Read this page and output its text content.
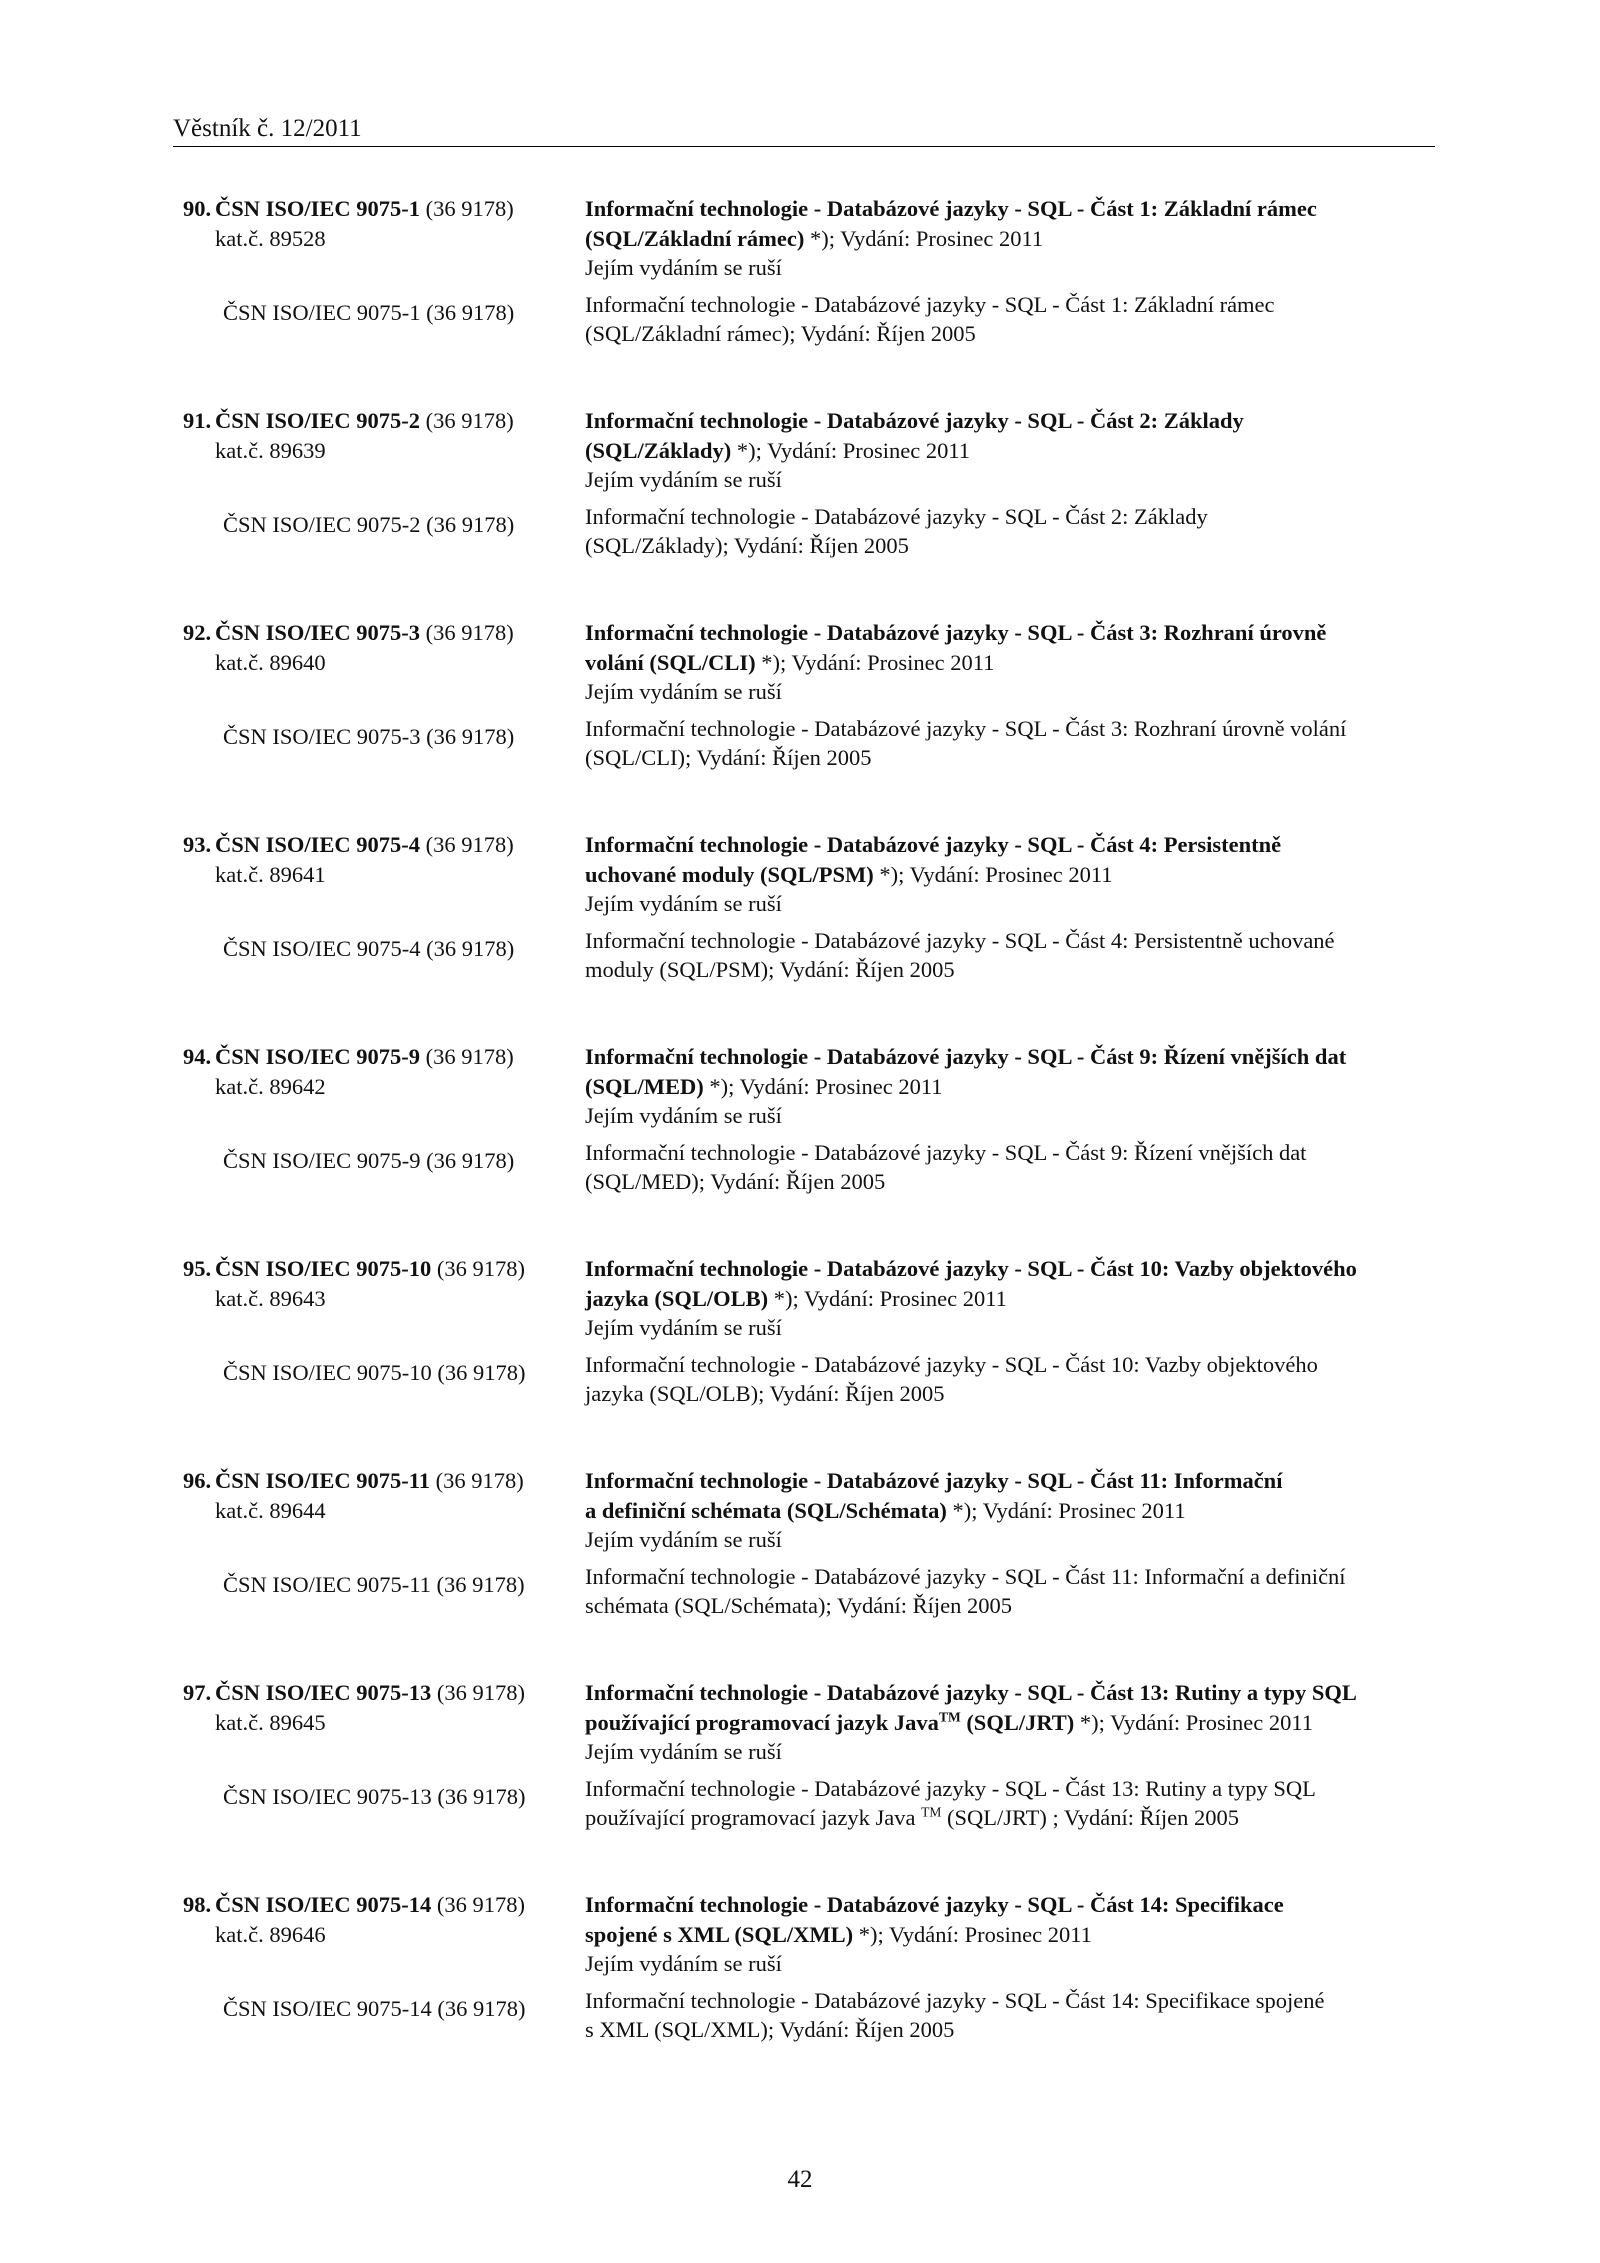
Věstník č. 12/2011
90. ČSN ISO/IEC 9075-1 (36 9178)
kat.č. 89528
Informační technologie - Databázové jazyky - SQL - Část 1: Základní rámec
(SQL/Základní rámec) *); Vydání: Prosinec 2011
Jejím vydáním se ruší
Informační technologie - Databázové jazyky - SQL - Část 1: Základní rámec
(SQL/Základní rámec); Vydání: Říjen 2005
ČSN ISO/IEC 9075-1 (36 9178)
91. ČSN ISO/IEC 9075-2 (36 9178)
kat.č. 89639
Informační technologie - Databázové jazyky - SQL - Část 2: Základy
(SQL/Základy) *); Vydání: Prosinec 2011
Jejím vydáním se ruší
Informační technologie - Databázové jazyky - SQL - Část 2: Základy
(SQL/Základy); Vydání: Říjen 2005
ČSN ISO/IEC 9075-2 (36 9178)
92. ČSN ISO/IEC 9075-3 (36 9178)
kat.č. 89640
Informační technologie - Databázové jazyky - SQL - Část 3: Rozhraní úrovně
volání (SQL/CLI) *); Vydání: Prosinec 2011
Jejím vydáním se ruší
Informační technologie - Databázové jazyky - SQL - Část 3: Rozhraní úrovně volání
(SQL/CLI); Vydání: Říjen 2005
ČSN ISO/IEC 9075-3 (36 9178)
93. ČSN ISO/IEC 9075-4 (36 9178)
kat.č. 89641
Informační technologie - Databázové jazyky - SQL - Část 4: Persistentně
uchované moduly (SQL/PSM) *); Vydání: Prosinec 2011
Jejím vydáním se ruší
Informační technologie - Databázové jazyky - SQL - Část 4: Persistentně uchované
moduly (SQL/PSM); Vydání: Říjen 2005
ČSN ISO/IEC 9075-4 (36 9178)
94. ČSN ISO/IEC 9075-9 (36 9178)
kat.č. 89642
Informační technologie - Databázové jazyky - SQL - Část 9: Řízení vnějších dat
(SQL/MED) *); Vydání: Prosinec 2011
Jejím vydáním se ruší
Informační technologie - Databázové jazyky - SQL - Část 9: Řízení vnějších dat
(SQL/MED); Vydání: Říjen 2005
ČSN ISO/IEC 9075-9 (36 9178)
95. ČSN ISO/IEC 9075-10 (36 9178)
kat.č. 89643
Informační technologie - Databázové jazyky - SQL - Část 10: Vazby objektového
jazyka (SQL/OLB) *); Vydání: Prosinec 2011
Jejím vydáním se ruší
Informační technologie - Databázové jazyky - SQL - Část 10: Vazby objektového
jazyka (SQL/OLB); Vydání: Říjen 2005
ČSN ISO/IEC 9075-10 (36 9178)
96. ČSN ISO/IEC 9075-11 (36 9178)
kat.č. 89644
Informační technologie - Databázové jazyky - SQL - Část 11: Informační
a definiční schémata (SQL/Schémata) *); Vydání: Prosinec 2011
Jejím vydáním se ruší
Informační technologie - Databázové jazyky - SQL - Část 11: Informační a definiční
schémata (SQL/Schémata); Vydání: Říjen 2005
ČSN ISO/IEC 9075-11 (36 9178)
97. ČSN ISO/IEC 9075-13 (36 9178)
kat.č. 89645
Informační technologie - Databázové jazyky - SQL - Část 13: Rutiny a typy SQL
používající programovací jazyk Java™ (SQL/JRT) *); Vydání: Prosinec 2011
Jejím vydáním se ruší
Informační technologie - Databázové jazyky - SQL - Část 13: Rutiny a typy SQL
používající programovací jazyk Java ™ (SQL/JRT) ; Vydání: Říjen 2005
ČSN ISO/IEC 9075-13 (36 9178)
98. ČSN ISO/IEC 9075-14 (36 9178)
kat.č. 89646
Informační technologie - Databázové jazyky - SQL - Část 14: Specifikace
spojené s XML (SQL/XML) *); Vydání: Prosinec 2011
Jejím vydáním se ruší
Informační technologie - Databázové jazyky - SQL - Část 14: Specifikace spojené
s XML (SQL/XML); Vydání: Říjen 2005
ČSN ISO/IEC 9075-14 (36 9178)
42
